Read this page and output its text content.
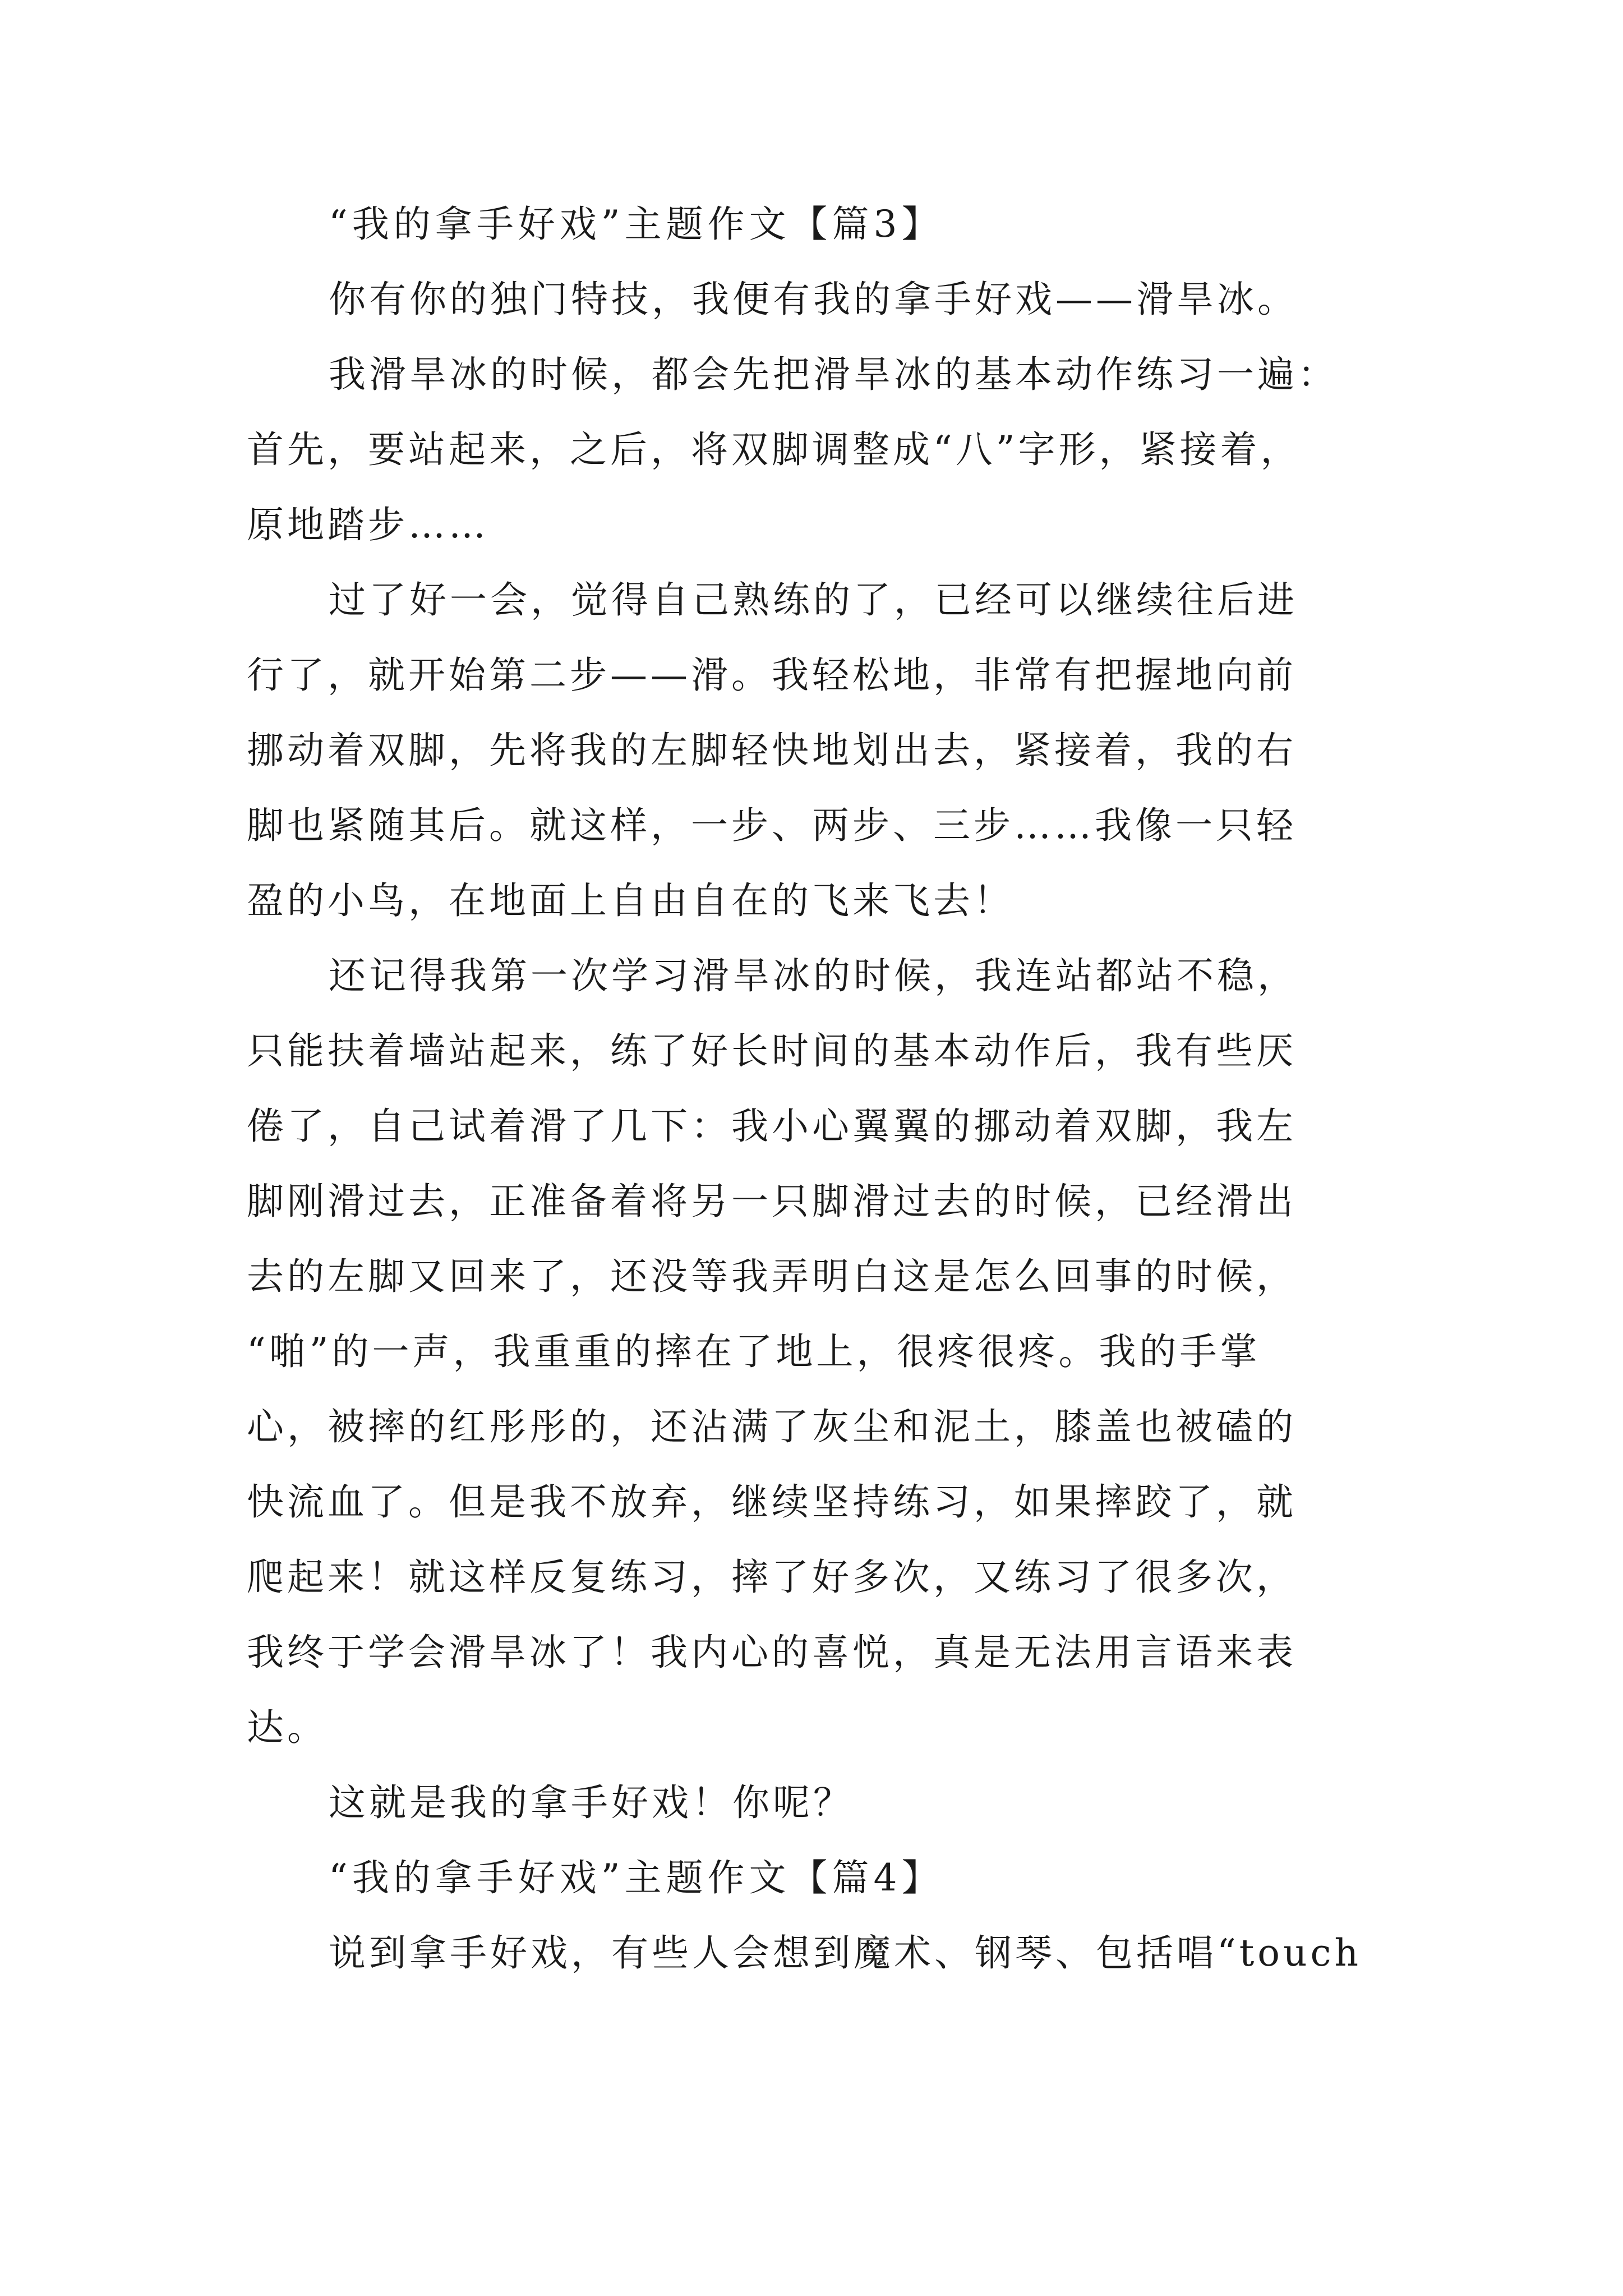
“我的拿手好戏”主题作文【篇3】
你有你的独门特技，我便有我的拿手好戏——滑旱冰。
我滑旱冰的时候，都会先把滑旱冰的基本动作练习一遍：
首先，要站起来，之后，将双脚调整成“八”字形，紧接着，
原地踏步……
过了好一会，觉得自己熟练的了，已经可以继续往后进
行了，就开始第二步——滑。我轻松地，非常有把握地向前
挪动着双脚，先将我的左脚轻快地划出去，紧接着，我的右
脚也紧随其后。就这样，一步、两步、三步……我像一只轻
盈的小鸟，在地面上自由自在的飞来飞去！
还记得我第一次学习滑旱冰的时候，我连站都站不稳，
只能扶着墙站起来，练了好长时间的基本动作后，我有些厌
倦了，自己试着滑了几下：我小心翼翼的挪动着双脚，我左
脚刚滑过去，正准备着将另一只脚滑过去的时候，已经滑出
去的左脚又回来了，还没等我弄明白这是怎么回事的时候，
“啪”的一声，我重重的摔在了地上，很疼很疼。我的手掌
心，被摔的红彤彤的，还沾满了灰尘和泥土，膝盖也被磕的
快流血了。但是我不放弃，继续坚持练习，如果摔跤了，就
爬起来！就这样反复练习，摔了好多次，又练习了很多次，
我终于学会滑旱冰了！我内心的喜悦，真是无法用言语来表
达。
这就是我的拿手好戏！你呢？
“我的拿手好戏”主题作文【篇4】
说到拿手好戏，有些人会想到魔术、钢琴、包括唱“touch
